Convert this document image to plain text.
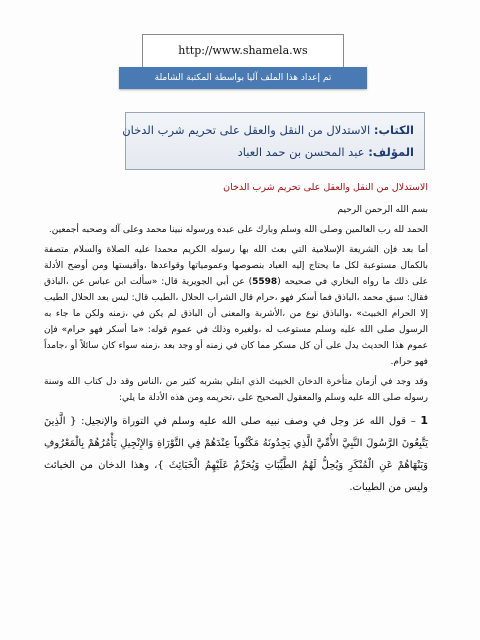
http://www.shamela.ws
تم إعداد هذا الملف آليا بواسطة المكتبة الشاملة
الكتاب: الاستدلال من النقل والعقل على تحريم شرب الدخان
المؤلف: عبد المحسن بن حمد العباد

الاستدلال من النقل والعقل على تحريم شرب الدخان

بسم الله الرحمن الرحيم

الحمد لله رب العالمين وصلى الله وسلم وبارك على عبده ورسوله نبينا محمد وعلى آله وصحبه أجمعين.

أما بعد فإن الشريعة الإسلامية التي بعث الله بها رسوله الكريم محمدا عليه الصلاة والسلام متصفة بالكمال مستوعبة لكل ما يحتاج إليه العباد بنصوصها وعمومياتها وقواعدها ،وأقيستها ومن أوضح الأدلة على ذلك ما رواه البخاري في صحيحه (5598) عن أبي الجويرية قال: «سألت ابن عباس عن ،الباذق فقال: سبق محمد ،الباذق فما أسكر فهو ،حرام قال الشراب الحلال ،الطيب قال: ليس بعد الحلال الطيب إلا الحرام الخبيث» ،والباذق نوع من ،الأشربة والمعنى أن الباذق لم يكن في ،زمنه ولكن ما جاء به الرسول صلى الله عليه وسلم مستوعب له ،ولغيره وذلك في عموم قوله: «ما أسكر فهو حرام» فإن عموم هذا الحديث يدل على أن كل مسكر مما كان في زمنه أو وجد بعد ،زمنه سواء كان سائلاً أو ،جامداً فهو حرام.

وقد وجد في أزمان متأخرة الدخان الخبيث الذي ابتلي بشربه كثير من ،الناس وقد دل كتاب الله وسنة رسوله صلى الله عليه وسلم والمعقول الصحيح على ،تحريمه ومن هذه الأدلة ما يلي:

1 – قول الله عز وجل في وصف نبيه صلى الله عليه وسلم في التوراة والإنجيل: { الَّذِينَ يَتَّبِعُونَ الرَّسُولَ النَّبِيَّ الأُمِّيَّ الَّذِي يَجِدُونَهُ مَكْتُوباً عِنْدَهُمْ فِي التَّوْرَاةِ وَالإِنْجِيلِ يَأْمُرُهُمْ بِالْمَعْرُوفِ وَيَنْهَاهُمْ عَنِ الْمُنْكَرِ وَيُحِلُّ لَهُمُ الطَّيِّبَاتِ وَيُحَرِّمُ عَلَيْهِمُ الْخَبَائِثَ }، وهذا الدخان من الخبائث وليس من الطيبات.
